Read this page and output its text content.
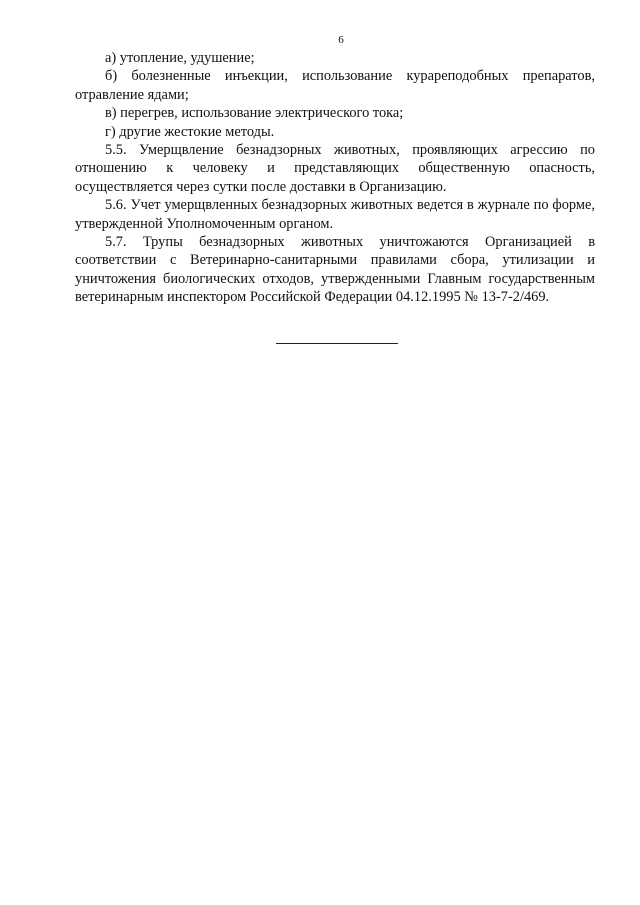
6

а) утопление, удушение;

б) болезненные инъекции, использование курареподобных препаратов, отравление ядами;

в) перегрев, использование электрического тока;

г) другие жестокие методы.

5.5. Умерщвление безнадзорных животных, проявляющих агрессию по отношению к человеку и представляющих общественную опасность, осуществляется через сутки после доставки в Организацию.

5.6. Учет умерщвленных безнадзорных животных ведется в журнале по форме, утвержденной Уполномоченным органом.

5.7. Трупы безнадзорных животных уничтожаются Организацией в соответствии с Ветеринарно-санитарными правилами сбора, утилизации и уничтожения биологических отходов, утвержденными Главным государственным ветеринарным инспектором Российской Федерации 04.12.1995 № 13-7-2/469.
